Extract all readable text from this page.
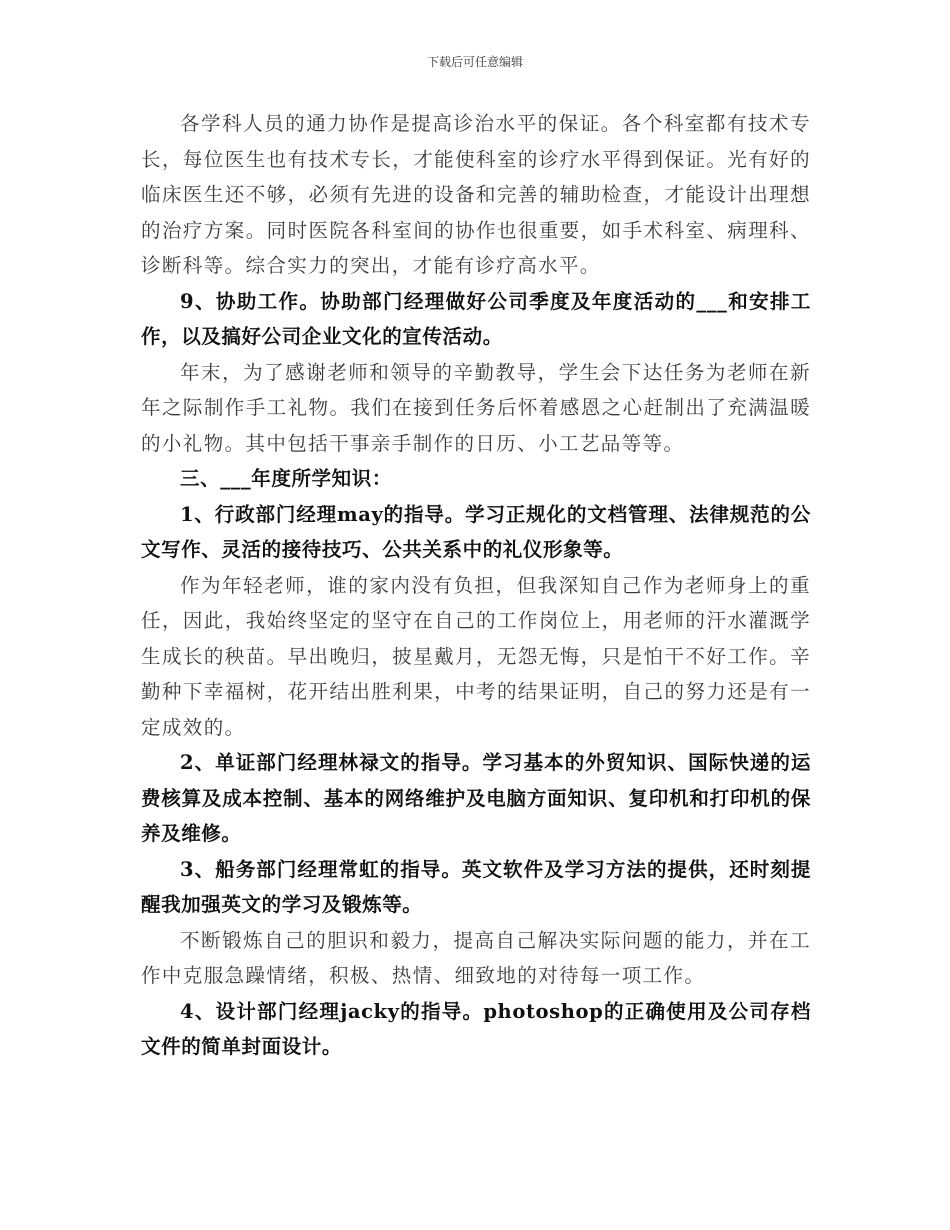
下载后可任意编辑

各学科人员的通力协作是提高诊治水平的保证。各个科室都有技术专长，每位医生也有技术专长，才能使科室的诊疗水平得到保证。光有好的临床医生还不够，必须有先进的设备和完善的辅助检查，才能设计出理想的治疗方案。同时医院各科室间的协作也很重要，如手术科室、病理科、诊断科等。综合实力的突出，才能有诊疗高水平。

9、协助工作。协助部门经理做好公司季度及年度活动的___和安排工作，以及搞好公司企业文化的宣传活动。

年末，为了感谢老师和领导的辛勤教导，学生会下达任务为老师在新年之际制作手工礼物。我们在接到任务后怀着感恩之心赶制出了充满温暖的小礼物。其中包括干事亲手制作的日历、小工艺品等等。

三、___年度所学知识：

1、行政部门经理may的指导。学习正规化的文档管理、法律规范的公文写作、灵活的接待技巧、公共关系中的礼仪形象等。

作为年轻老师，谁的家内没有负担，但我深知自己作为老师身上的重任，因此，我始终坚定的坚守在自己的工作岗位上，用老师的汗水灌溉学生成长的秧苗。早出晚归，披星戴月，无怨无悔，只是怕干不好工作。辛勤种下幸福树，花开结出胜利果，中考的结果证明，自己的努力还是有一定成效的。

2、单证部门经理林禄文的指导。学习基本的外贸知识、国际快递的运费核算及成本控制、基本的网络维护及电脑方面知识、复印机和打印机的保养及维修。

3、船务部门经理常虹的指导。英文软件及学习方法的提供，还时刻提醒我加强英文的学习及锻炼等。

不断锻炼自己的胆识和毅力，提高自己解决实际问题的能力，并在工作中克服急躁情绪，积极、热情、细致地的对待每一项工作。

4、设计部门经理jacky的指导。photoshop的正确使用及公司存档文件的简单封面设计。
